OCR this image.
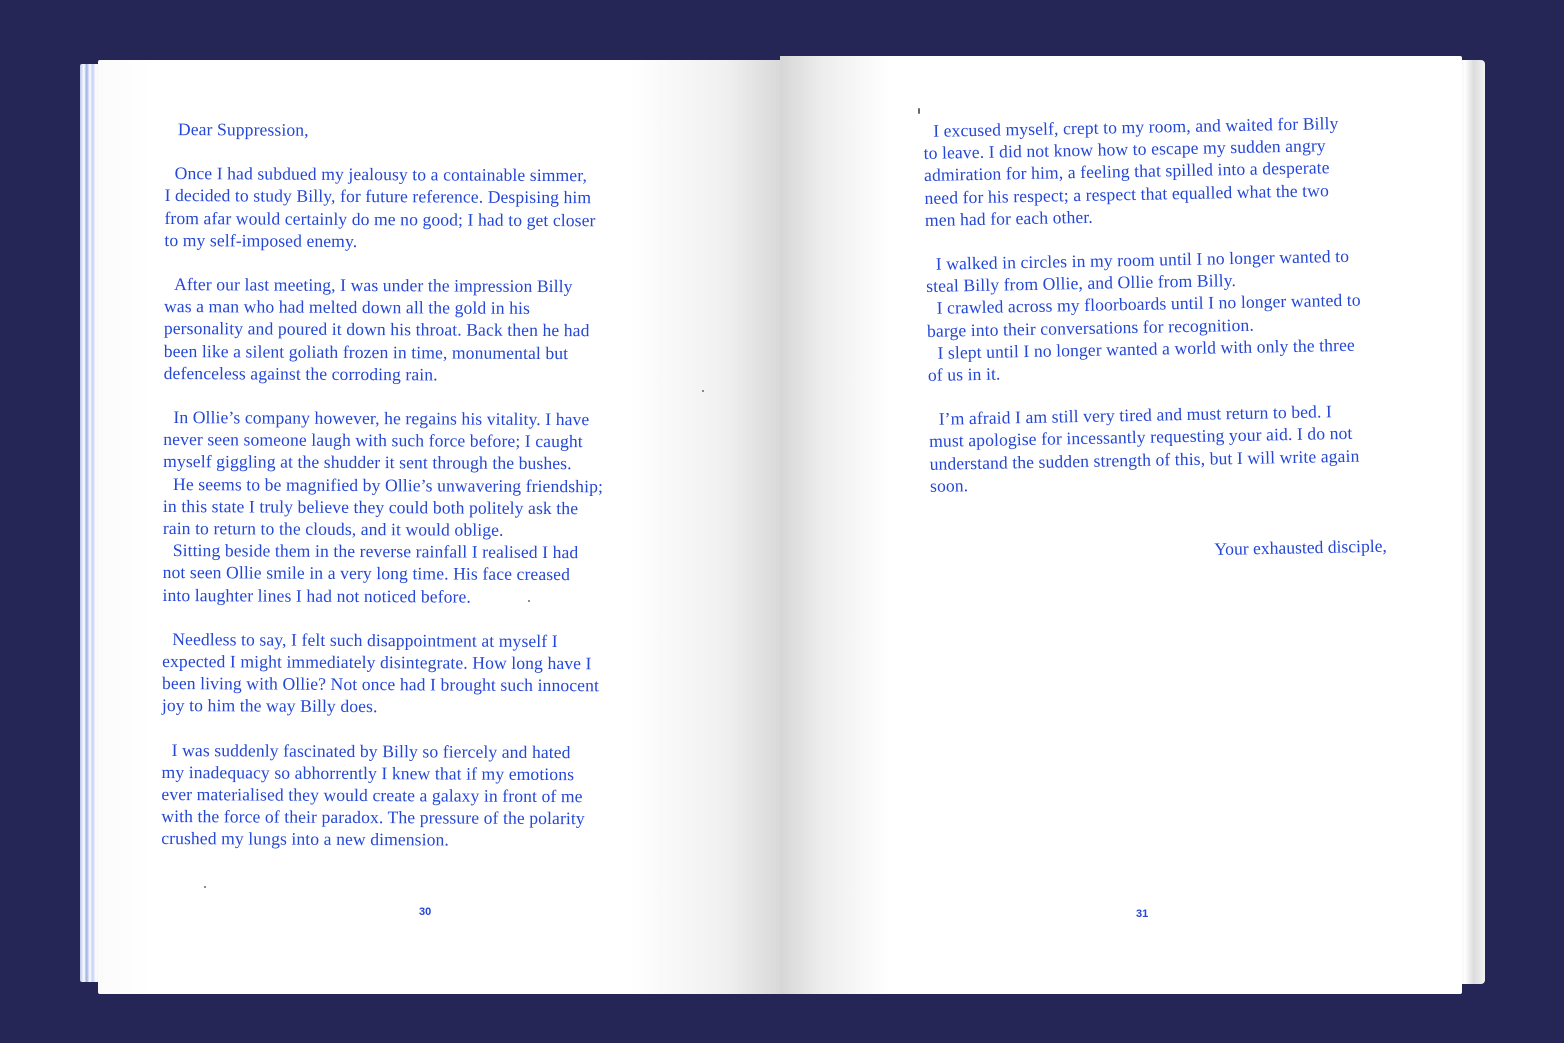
Dear Suppression,

Once I had subdued my jealousy to a containable simmer,
I decided to study Billy, for future reference. Despising him
from afar would certainly do me no good; I had to get closer
to my self-imposed enemy.

After our last meeting, I was under the impression Billy
was a man who had melted down all the gold in his
personality and poured it down his throat. Back then he had
been like a silent goliath frozen in time, monumental but
defenceless against the corroding rain.

In Ollie’s company however, he regains his vitality. I have
never seen someone laugh with such force before; I caught
myself giggling at the shudder it sent through the bushes.
He seems to be magnified by Ollie’s unwavering friendship;
in this state I truly believe they could both politely ask the
rain to return to the clouds, and it would oblige.
Sitting beside them in the reverse rainfall I realised I had
not seen Ollie smile in a very long time. His face creased
into laughter lines I had not noticed before.

Needless to say, I felt such disappointment at myself I
expected I might immediately disintegrate. How long have I
been living with Ollie? Not once had I brought such innocent
joy to him the way Billy does.

I was suddenly fascinated by Billy so fiercely and hated
my inadequacy so abhorrently I knew that if my emotions
ever materialised they would create a galaxy in front of me
with the force of their paradox. The pressure of the polarity
crushed my lungs into a new dimension.

30

I excused myself, crept to my room, and waited for Billy
to leave. I did not know how to escape my sudden angry
admiration for him, a feeling that spilled into a desperate
need for his respect; a respect that equalled what the two
men had for each other.

I walked in circles in my room until I no longer wanted to
steal Billy from Ollie, and Ollie from Billy.
I crawled across my floorboards until I no longer wanted to
barge into their conversations for recognition.
I slept until I no longer wanted a world with only the three
of us in it.

I’m afraid I am still very tired and must return to bed. I
must apologise for incessantly requesting your aid. I do not
understand the sudden strength of this, but I will write again
soon.

Your exhausted disciple,
31
